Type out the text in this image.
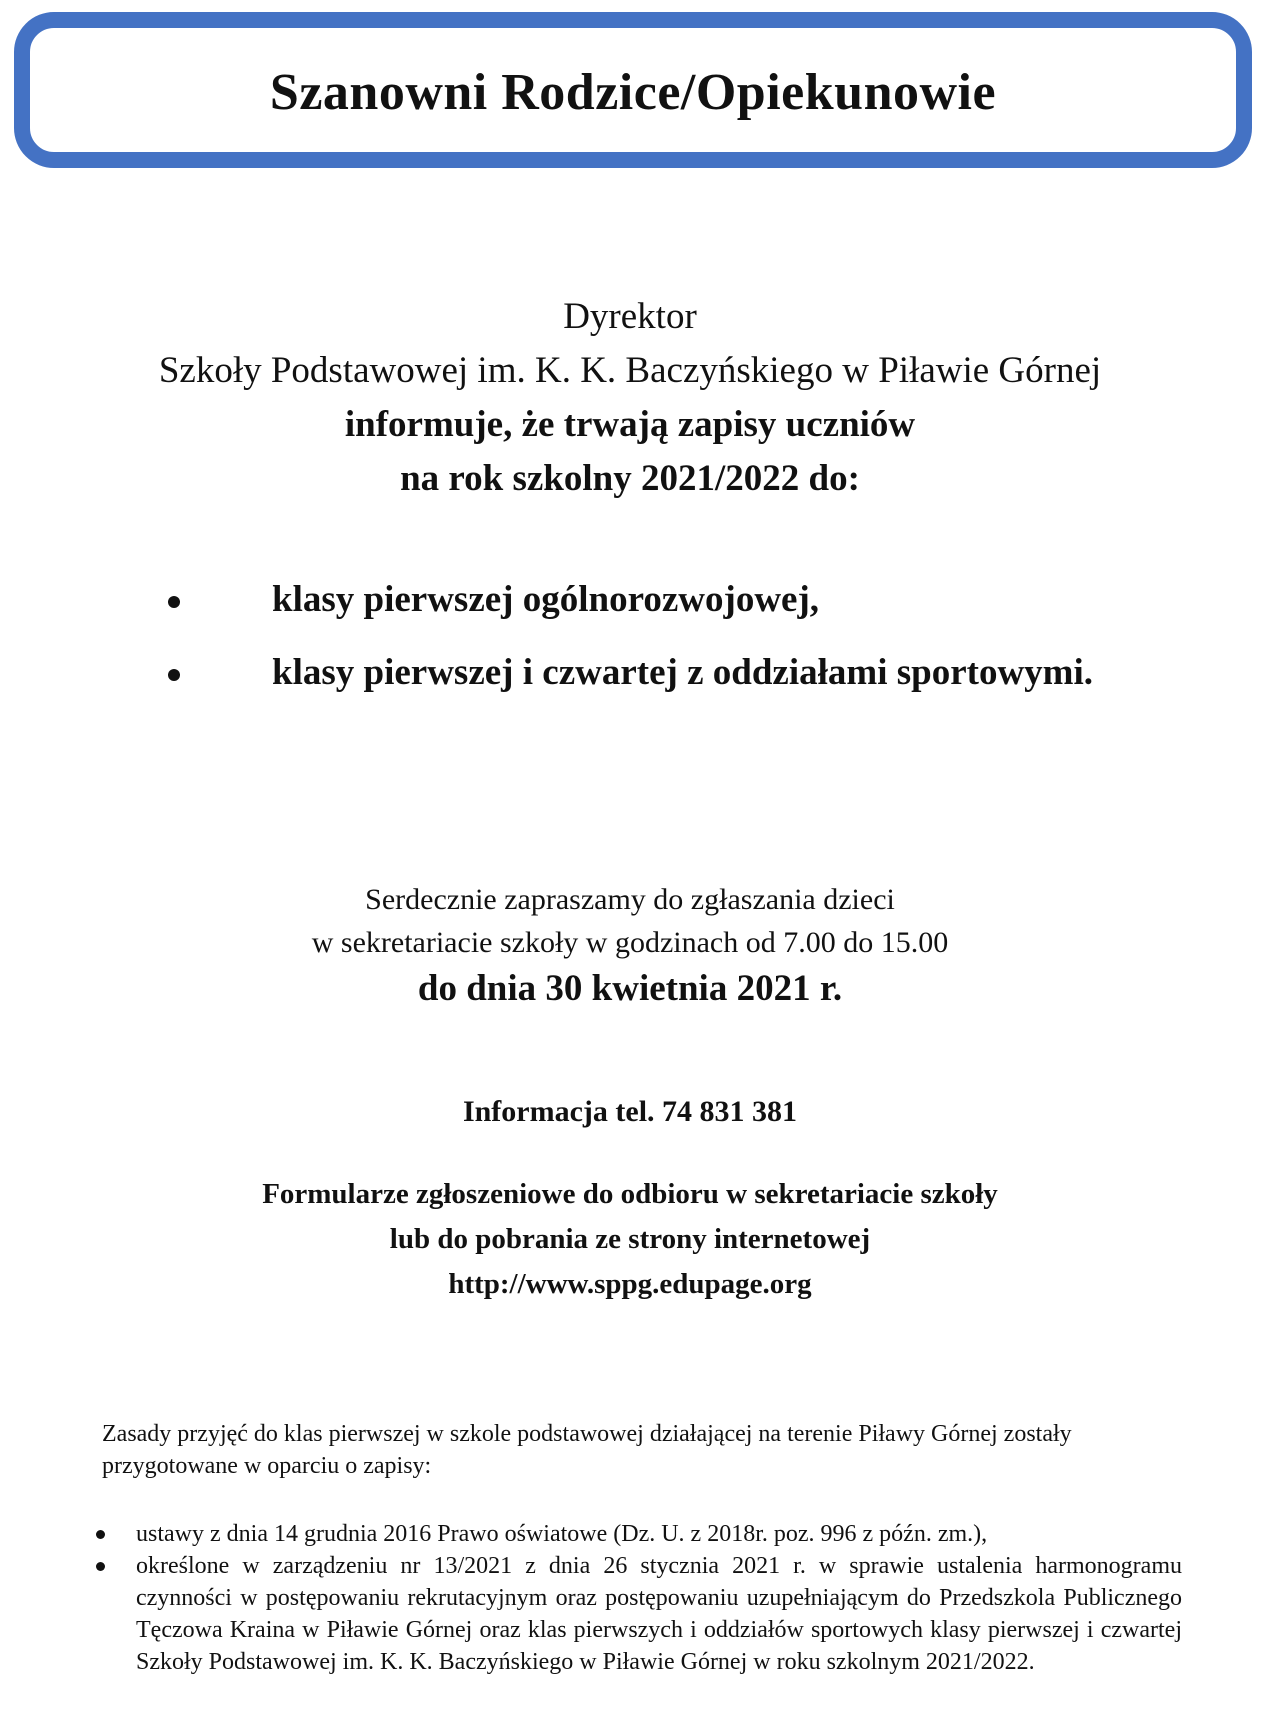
Szanowni Rodzice/Opiekunowie
Dyrektor
Szkoły Podstawowej im. K. K. Baczyńskiego w Piławie Górnej
informuje, że trwają zapisy uczniów
na rok szkolny 2021/2022 do:
klasy pierwszej ogólnorozwojowej,
klasy pierwszej i czwartej z oddziałami sportowymi.
Serdecznie zapraszamy do zgłaszania dzieci
w sekretariacie szkoły w godzinach od 7.00 do 15.00
do dnia 30 kwietnia 2021 r.
Informacja tel. 74 831 381
Formularze zgłoszeniowe do odbioru w sekretariacie szkoły
lub do pobrania ze strony internetowej
http://www.sppg.edupage.org
Zasady przyjęć do klas pierwszej w szkole podstawowej działającej na terenie Piławy Górnej zostały przygotowane w oparciu o zapisy:
ustawy z dnia 14 grudnia 2016 Prawo oświatowe (Dz. U. z 2018r. poz. 996 z późn. zm.),
określone w zarządzeniu nr 13/2021 z dnia 26 stycznia 2021 r. w sprawie ustalenia harmonogramu czynności w postępowaniu rekrutacyjnym oraz postępowaniu uzupełniającym do Przedszkola Publicznego Tęczowa Kraina w Piławie Górnej oraz klas pierwszych i oddziałów sportowych klasy pierwszej i czwartej Szkoły Podstawowej im. K. K. Baczyńskiego w Piławie Górnej w roku szkolnym 2021/2022.
